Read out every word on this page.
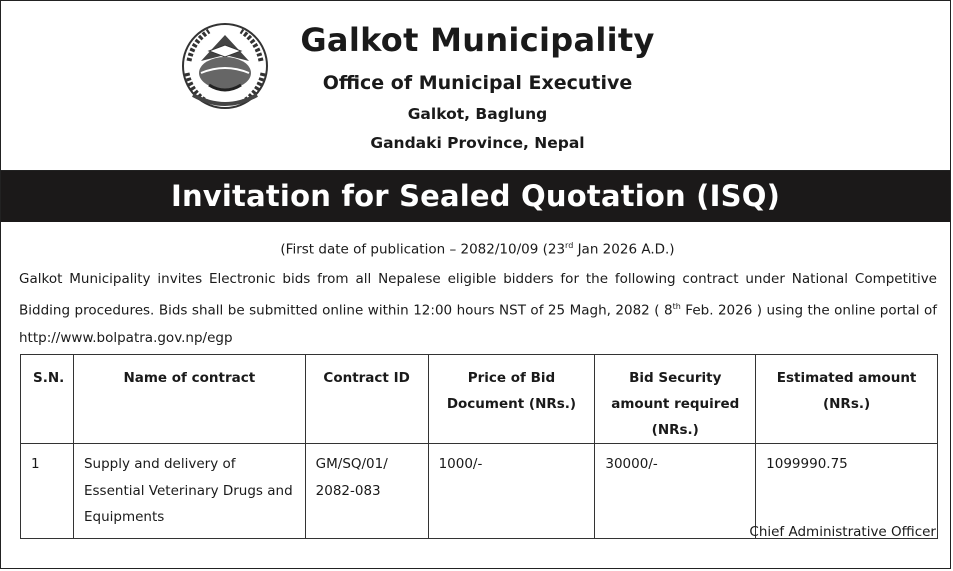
Galkot Municipality
Office of Municipal Executive
Galkot, Baglung
Gandaki Province, Nepal
Invitation for Sealed Quotation (ISQ)
(First date of publication – 2082/10/09 (23rd Jan 2026 A.D.)
Galkot Municipality invites Electronic bids from all Nepalese eligible bidders for the following contract under National Competitive Bidding procedures. Bids shall be submitted online within 12:00 hours NST of 25 Magh, 2082 ( 8th Feb. 2026 ) using the online portal of http://www.bolpatra.gov.np/egp
S.N.	Name of contract	Contract ID	Price of Bid Document (NRs.)	Bid Security amount required (NRs.)	Estimated amount (NRs.)
1	Supply and delivery of Essential Veterinary Drugs and Equipments	GM/SQ/01/ 2082-083	1000/-	30000/-	1099990.75
Chief Administrative Officer
